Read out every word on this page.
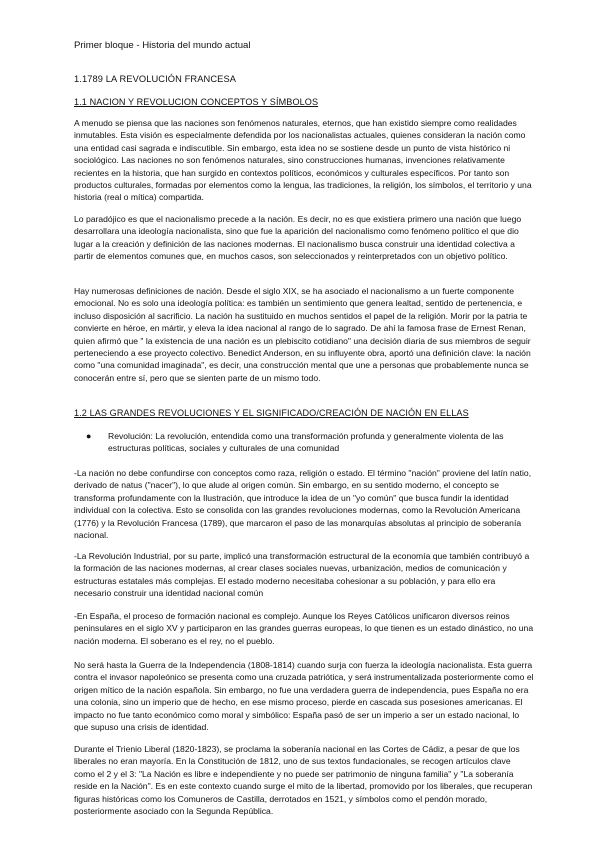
Primer bloque - Historia del mundo actual
1.1789 LA REVOLUCIÓN FRANCESA
1.1 NACION Y REVOLUCION CONCEPTOS Y SÍMBOLOS

A menudo se piensa que las naciones son fenómenos naturales, eternos, que han existido siempre como realidades inmutables. Esta visión es especialmente defendida por los nacionalistas actuales, quienes consideran la nación como una entidad casi sagrada e indiscutible. Sin embargo, esta idea no se sostiene desde un punto de vista histórico ni sociológico. Las naciones no son fenómenos naturales, sino construcciones humanas, invenciones relativamente recientes en la historia, que han surgido en contextos políticos, económicos y culturales específicos. Por tanto son productos culturales, formadas por elementos como la lengua, las tradiciones, la religión, los símbolos, el territorio y una historia (real o mítica) compartida.

Lo paradójico es que el nacionalismo precede a la nación. Es decir, no es que existiera primero una nación que luego desarrollara una ideología nacionalista, sino que fue la aparición del nacionalismo como fenómeno político el que dio lugar a la creación y definición de las naciones modernas. El nacionalismo busca construir una identidad colectiva a partir de elementos comunes que, en muchos casos, son seleccionados y reinterpretados con un objetivo político.

Hay numerosas definiciones de nación. Desde el siglo XIX, se ha asociado el nacionalismo a un fuerte componente emocional. No es solo una ideología política: es también un sentimiento que genera lealtad, sentido de pertenencia, e incluso disposición al sacrificio. La nación ha sustituido en muchos sentidos el papel de la religión. Morir por la patria te convierte en héroe, en mártir, y eleva la idea nacional al rango de lo sagrado. De ahí la famosa frase de Ernest Renan, quien afirmó que " la existencia de una nación es un plebiscito cotidiano" una decisión diaria de sus miembros de seguir perteneciendo a ese proyecto colectivo. Benedict Anderson, en su influyente obra, aportó una definición clave: la nación como "una comunidad imaginada", es decir, una construcción mental que une a personas que probablemente nunca se conocerán entre sí, pero que se sienten parte de un mismo todo.

1.2 LAS GRANDES REVOLUCIONES Y EL SIGNIFICADO/CREACIÓN DE NACIÓN EN ELLAS
● Revolución: La revolución, entendida como una transformación profunda y generalmente violenta de las estructuras políticas, sociales y culturales de una comunidad

-La nación no debe confundirse con conceptos como raza, religión o estado. El término "nación" proviene del latín natio, derivado de natus ("nacer"), lo que alude al origen común. Sin embargo, en su sentido moderno, el concepto se transforma profundamente con la Ilustración, que introduce la idea de un "yo común" que busca fundir la identidad individual con la colectiva. Esto se consolida con las grandes revoluciones modernas, como la Revolución Americana (1776) y la Revolución Francesa (1789), que marcaron el paso de las monarquías absolutas al principio de soberanía nacional.

-La Revolución Industrial, por su parte, implicó una transformación estructural de la economía que también contribuyó a la formación de las naciones modernas, al crear clases sociales nuevas, urbanización, medios de comunicación y estructuras estatales más complejas. El estado moderno necesitaba cohesionar a su población, y para ello era necesario construir una identidad nacional común

-En España, el proceso de formación nacional es complejo. Aunque los Reyes Católicos unificaron diversos reinos peninsulares en el siglo XV y participaron en las grandes guerras europeas, lo que tienen es un estado dinástico, no una nación moderna. El soberano es el rey, no el pueblo.

No será hasta la Guerra de la Independencia (1808-1814) cuando surja con fuerza la ideología nacionalista. Esta guerra contra el invasor napoleónico se presenta como una cruzada patriótica, y será instrumentalizada posteriormente como el origen mítico de la nación española. Sin embargo, no fue una verdadera guerra de independencia, pues España no era una colonia, sino un imperio que de hecho, en ese mismo proceso, pierde en cascada sus posesiones americanas. El impacto no fue tanto económico como moral y simbólico: España pasó de ser un imperio a ser un estado nacional, lo que supuso una crisis de identidad.

Durante el Trienio Liberal (1820-1823), se proclama la soberanía nacional en las Cortes de Cádiz, a pesar de que los liberales no eran mayoría. En la Constitución de 1812, uno de sus textos fundacionales, se recogen artículos clave como el 2 y el 3: "La Nación es libre e independiente y no puede ser patrimonio de ninguna familia" y "La soberanía reside en la Nación". Es en este contexto cuando surge el mito de la libertad, promovido por los liberales, que recuperan figuras históricas como los Comuneros de Castilla, derrotados en 1521, y símbolos como el pendón morado, posteriormente asociado con la Segunda República.
